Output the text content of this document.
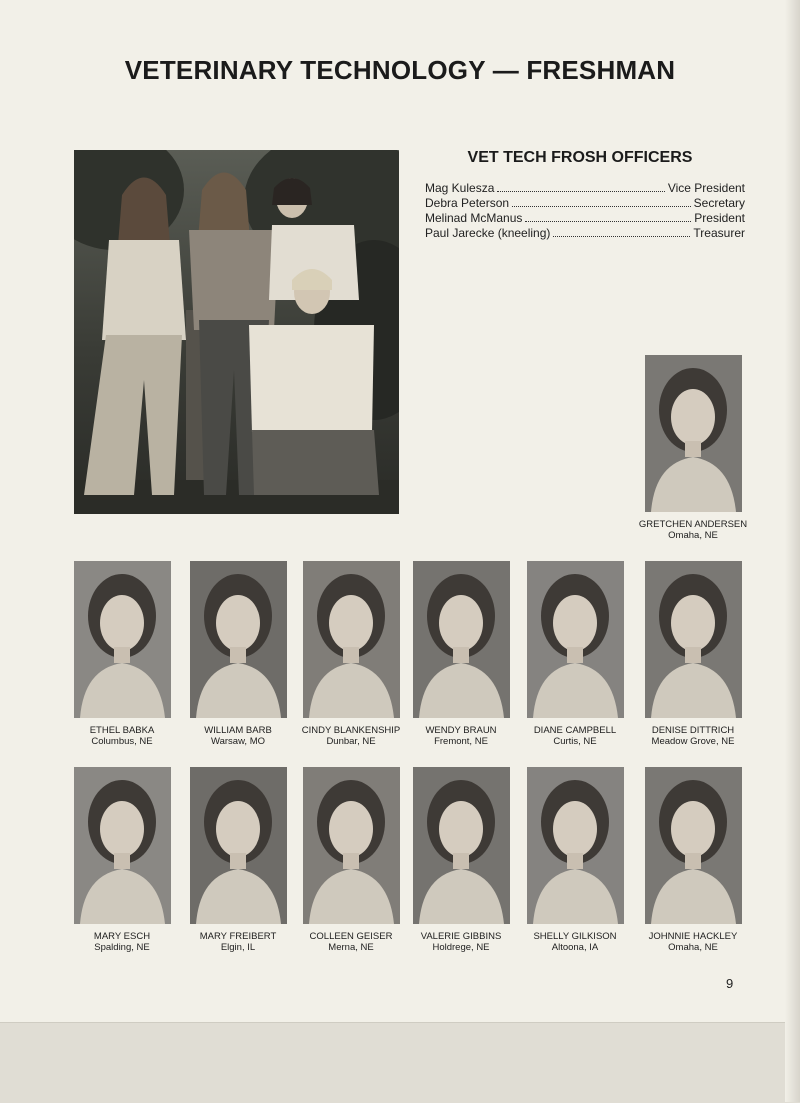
VETERINARY TECHNOLOGY — FRESHMAN
VET TECH FROSH OFFICERS
Mag Kulesza	Vice President
Debra Peterson	Secretary
Melinad McManus	President
Paul Jarecke (kneeling)	Treasurer
GRETCHEN ANDERSEN
Omaha, NE
ETHEL BABKA
Columbus, NE
WILLIAM BARB
Warsaw, MO
CINDY BLANKENSHIP
Dunbar, NE
WENDY BRAUN
Fremont, NE
DIANE CAMPBELL
Curtis, NE
DENISE DITTRICH
Meadow Grove, NE
MARY ESCH
Spalding, NE
MARY FREIBERT
Elgin, IL
COLLEEN GEISER
Merna, NE
VALERIE GIBBINS
Holdrege, NE
SHELLY GILKISON
Altoona, IA
JOHNNIE HACKLEY
Omaha, NE
9
